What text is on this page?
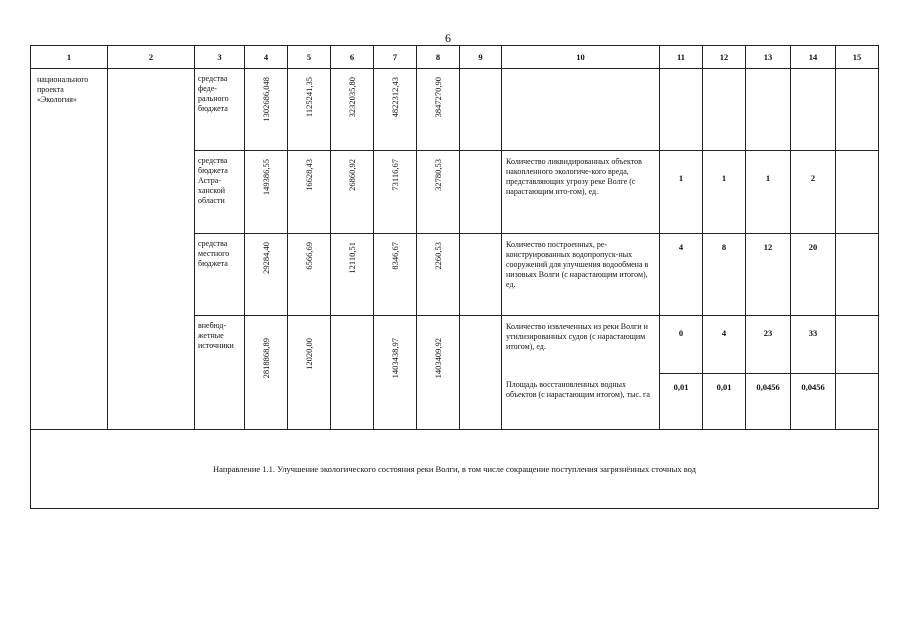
6
1	2	3	4	5	6	7	8	9	10	11	12	13	14	15
национального проекта «Экология»		средства феде-рального бюджета	1302686,048	1125241,35	3232035,80	4822312,43	3847270,90							

		средства бюджета Астра-ханской области	149386,55	16628,43	26860,92	73116,67	32780,53		Количество ликвидированных объектов накопленного экологиче-кого вреда, представляющих угрозу реке Волге (с нарастающим ито-гом), ед.	1	1	1	2	
		средства местного бюджета	29284,40	6566,69	12110,51	8346,67	2260,53		Количество построенных, ре-конструированных водопропуск-ных сооружений для улучшения водообмена в низовьях Волги (с нарастающим итогом), ед.	4	8	12	20	
		внебюд-жетные источники	2818868,89	12020,00		1403438,97	1403409,92		Количество извлеченных из реки Волги и утилизированных судов (с нарастающим итогом), ед.	0	4	23	33	
									Площадь восстановленных водных объектов (с нарастающим итогом), тыс. га	0,01	0,01	0,0456	0,0456	
Направление 1.1. Улучшение экологического состояния реки Волги, в том числе сокращение поступления загрязнённых сточных вод														
